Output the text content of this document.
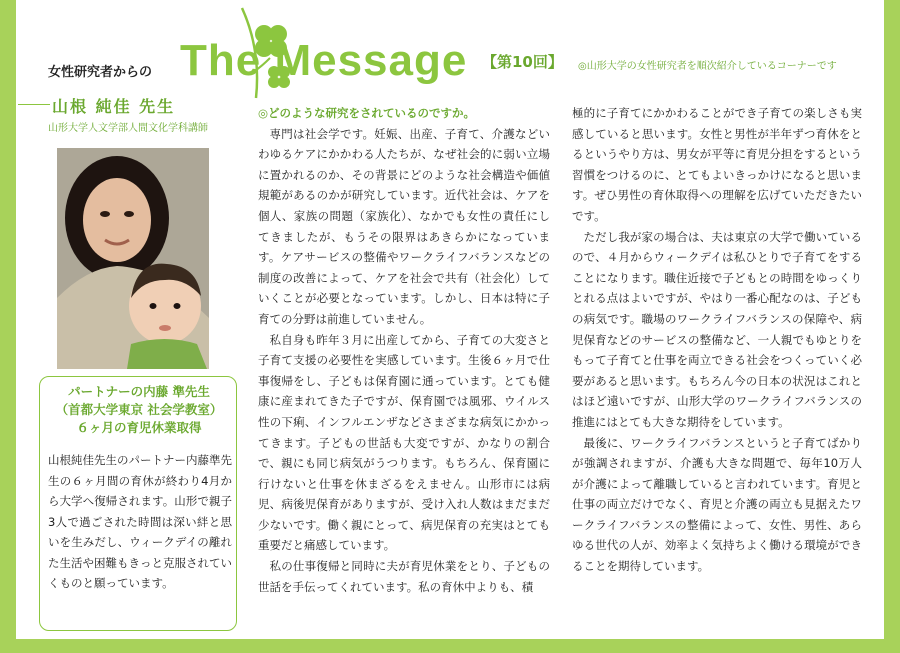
女性研究者からの The Message 【第10回】 ◎山形大学の女性研究者を順次紹介しているコーナーです
山根 純佳 先生
山形大学人文学部人間文化学科講師
パートナーの内藤 準先生
（首都大学東京 社会学教室）
６ヶ月の育児休業取得
山根純佳先生のパートナー内藤準先生の６ヶ月間の育休が終わり4月から大学へ復帰されます。山形で親子3人で過ごされた時間は深い絆と思いを生みだし、ウィークデイの離れた生活や困難もきっと克服されていくものと願っています。
◎どのような研究をされているのですか。

専門は社会学です。妊娠、出産、子育て、介護などいわゆるケアにかかわる人たちが、なぜ社会的に弱い立場に置かれるのか、その背景にどのような社会構造や価値規範があるのかが研究しています。近代社会は、ケアを個人、家族の問題（家族化）、なかでも女性の責任にしてきましたが、もうその限界はあきらかになっています。ケアサービスの整備やワークライフバランスなどの制度の改善によって、ケアを社会で共有（社会化）していくことが必要となっています。しかし、日本は特に子育ての分野は前進していません。

私自身も昨年３月に出産してから、子育ての大変さと子育て支援の必要性を実感しています。生後６ヶ月で仕事復帰をし、子どもは保育園に通っています。とても健康に産まれてきた子ですが、保育園では風邪、ウイルス性の下痢、インフルエンザなどさまざまな病気にかかってきます。子どもの世話も大変ですが、かなりの割合で、親にも同じ病気がうつります。もちろん、保育園に行けないと仕事を休まざるをえません。山形市には病児、病後児保育がありますが、受け入れ人数はまだまだ少ないです。働く親にとって、病児保育の充実はとても重要だと痛感しています。

私の仕事復帰と同時に夫が育児休業をとり、子どもの世話を手伝ってくれています。私の育休中よりも、積

極的に子育てにかかわることができ子育ての楽しさも実感していると思います。女性と男性が半年ずつ育休をとるというやり方は、男女が平等に育児分担をするという習慣をつけるのに、とてもよいきっかけになると思います。ぜひ男性の育休取得への理解を広げていただきたいです。

ただし我が家の場合は、夫は東京の大学で働いているので、４月からウィークデイは私ひとりで子育てをすることになります。職住近接で子どもとの時間をゆっくりとれる点はよいですが、やはり一番心配なのは、子どもの病気です。職場のワークライフバランスの保障や、病児保育などのサービスの整備など、一人親でもゆとりをもって子育てと仕事を両立できる社会をつくっていく必要があると思います。もちろん今の日本の状況はこれとはほど遠いですが、山形大学のワークライフバランスの推進にはとても大きな期待をしています。

最後に、ワークライフバランスというと子育てばかりが強調されますが、介護も大きな問題で、毎年10万人が介護によって離職していると言われています。育児と仕事の両立だけでなく、育児と介護の両立も見据えたワークライフバランスの整備によって、女性、男性、あらゆる世代の人が、効率よく気持ちよく働ける環境ができることを期待しています。
